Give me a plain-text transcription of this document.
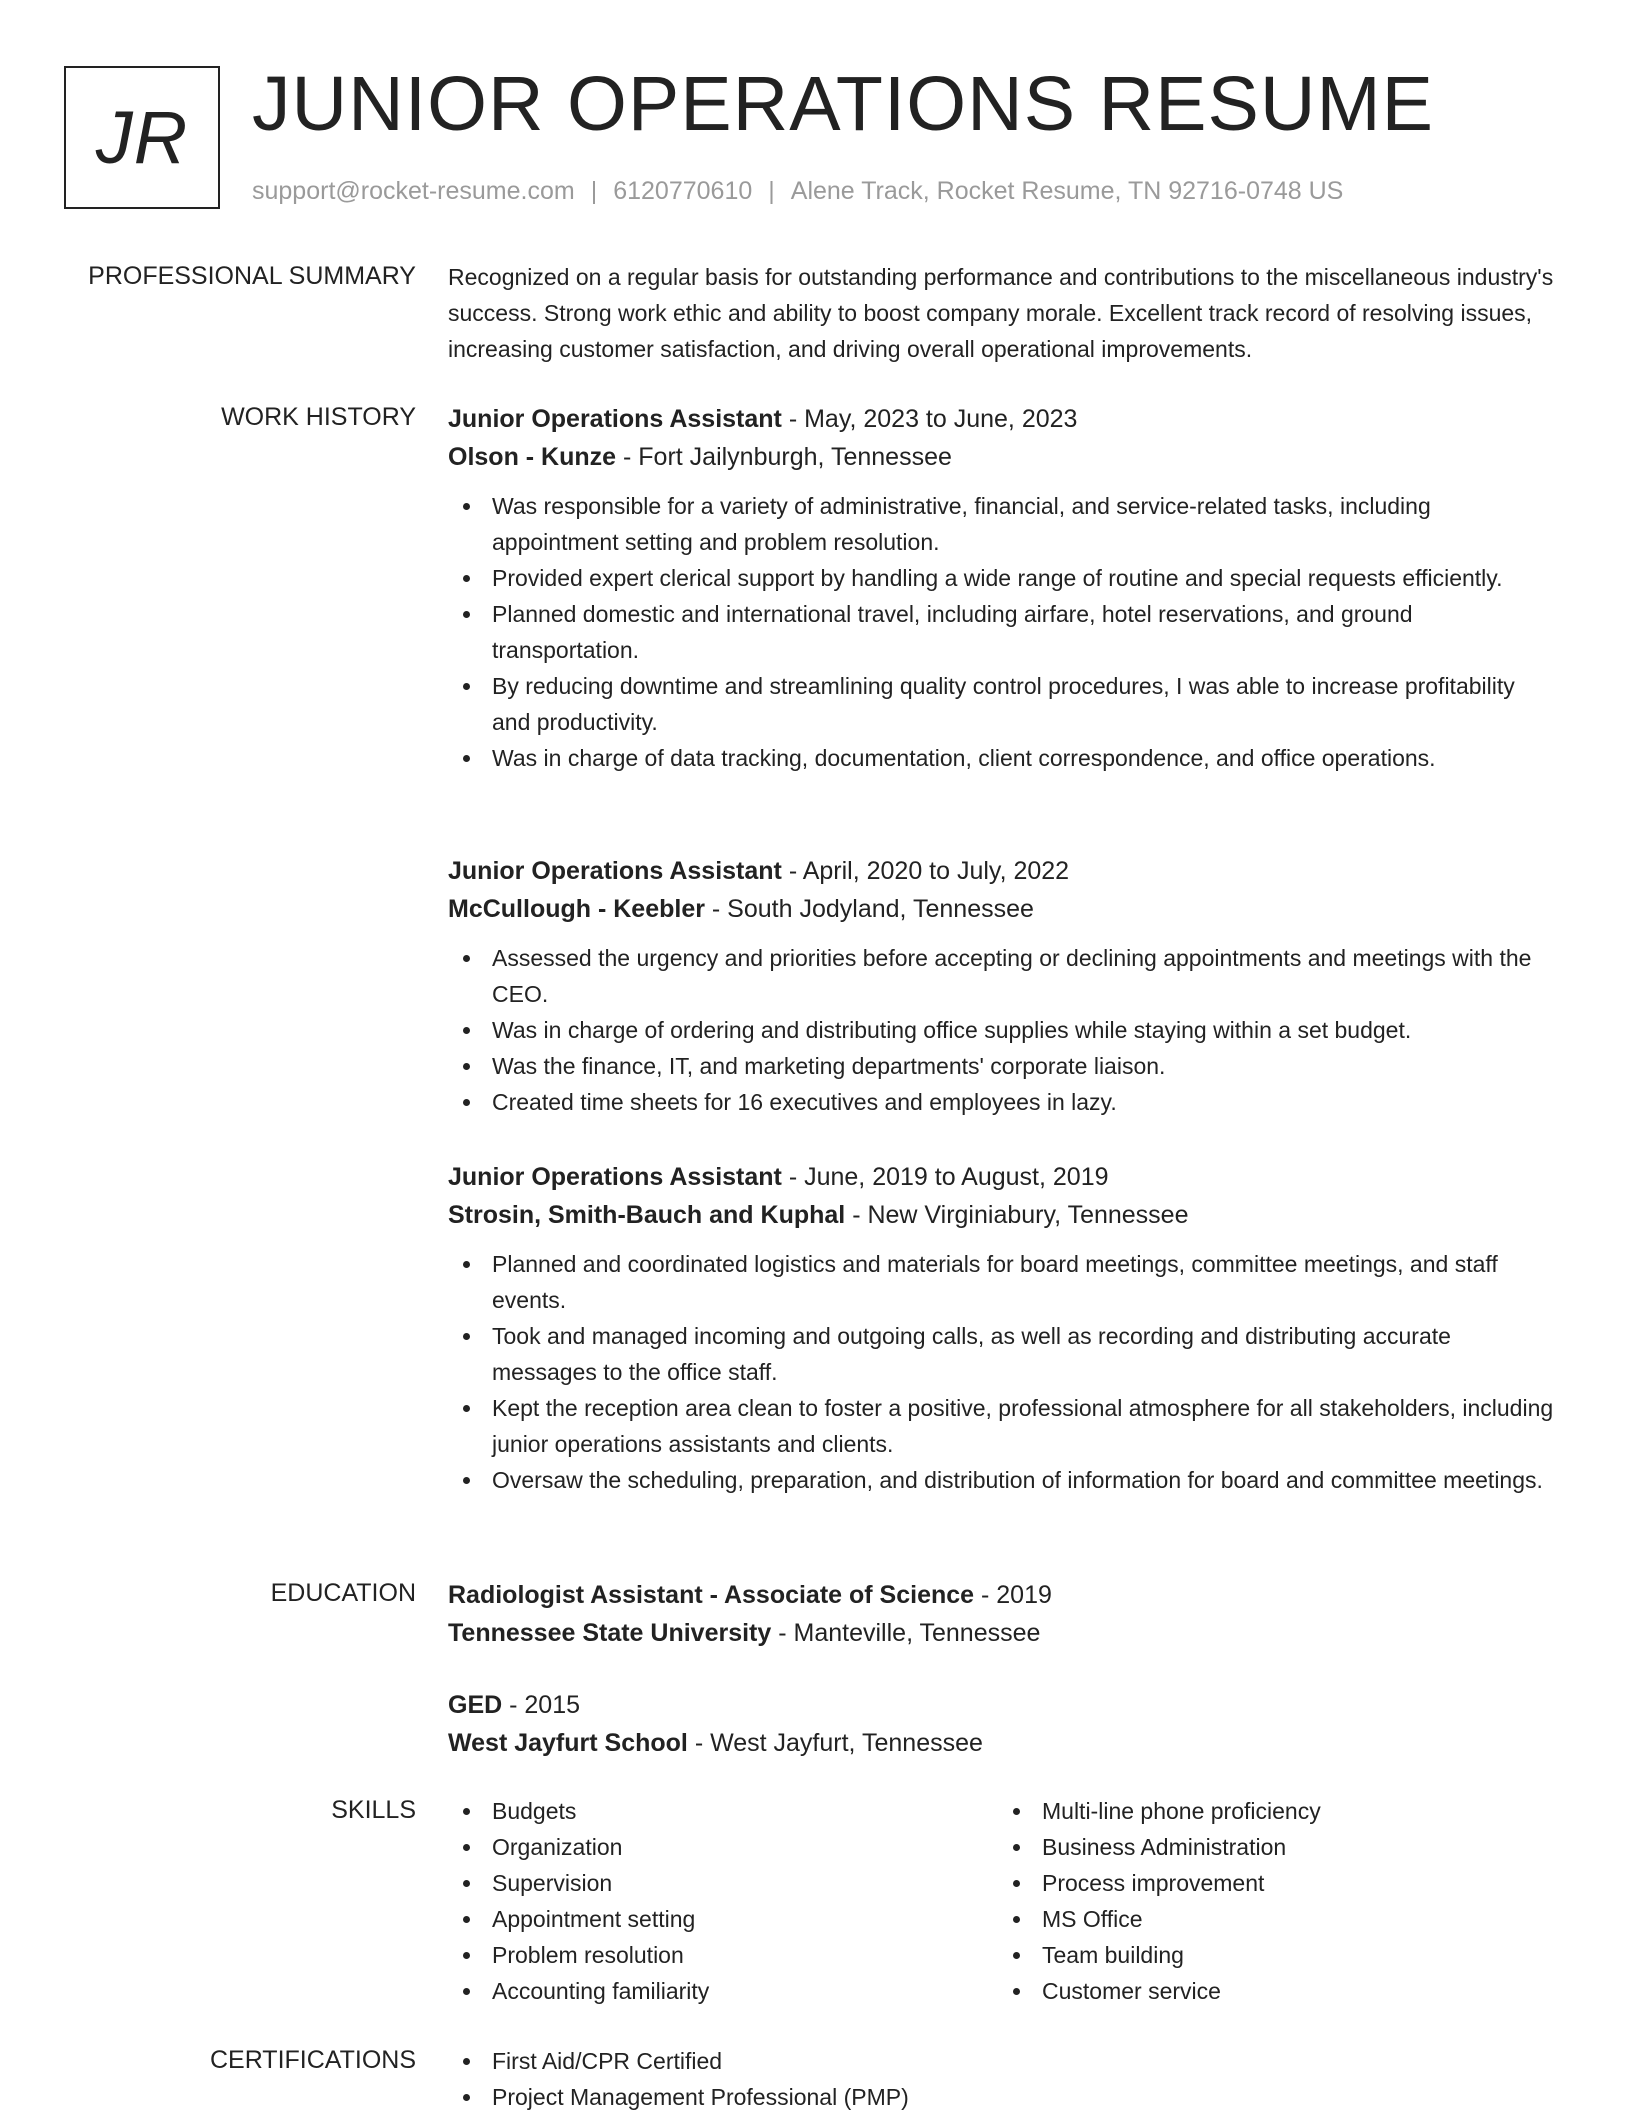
JR JUNIOR OPERATIONS RESUME
support@rocket-resume.com | 6120770610 | Alene Track, Rocket Resume, TN 92716-0748 US
PROFESSIONAL SUMMARY Recognized on a regular basis for outstanding performance and contributions to the miscellaneous industry's success. Strong work ethic and ability to boost company morale. Excellent track record of resolving issues, increasing customer satisfaction, and driving overall operational improvements.

WORK HISTORY Junior Operations Assistant - May, 2023 to June, 2023
Olson - Kunze - Fort Jailynburgh, Tennessee
Was responsible for a variety of administrative, financial, and service-related tasks, including appointment setting and problem resolution.
Provided expert clerical support by handling a wide range of routine and special requests efficiently.
Planned domestic and international travel, including airfare, hotel reservations, and ground transportation.
By reducing downtime and streamlining quality control procedures, I was able to increase profitability and productivity.
Was in charge of data tracking, documentation, client correspondence, and office operations.
Junior Operations Assistant - April, 2020 to July, 2022
McCullough - Keebler - South Jodyland, Tennessee
Assessed the urgency and priorities before accepting or declining appointments and meetings with the CEO.
Was in charge of ordering and distributing office supplies while staying within a set budget.
Was the finance, IT, and marketing departments' corporate liaison.
Created time sheets for 16 executives and employees in lazy.
Junior Operations Assistant - June, 2019 to August, 2019
Strosin, Smith-Bauch and Kuphal - New Virginiabury, Tennessee
Planned and coordinated logistics and materials for board meetings, committee meetings, and staff events.
Took and managed incoming and outgoing calls, as well as recording and distributing accurate messages to the office staff.
Kept the reception area clean to foster a positive, professional atmosphere for all stakeholders, including junior operations assistants and clients.
Oversaw the scheduling, preparation, and distribution of information for board and committee meetings.
EDUCATION Radiologist Assistant - Associate of Science - 2019
Tennessee State University - Manteville, Tennessee
GED - 2015
West Jayfurt School - West Jayfurt, Tennessee
SKILLS	Budgets
Organization
Supervision
Appointment setting
Problem resolution
Accounting familiarity
Multi-line phone proficiency
Business Administration
Process improvement
MS Office
Team building
Customer service
CERTIFICATIONS	First Aid/CPR Certified
Project Management Professional (PMP)
